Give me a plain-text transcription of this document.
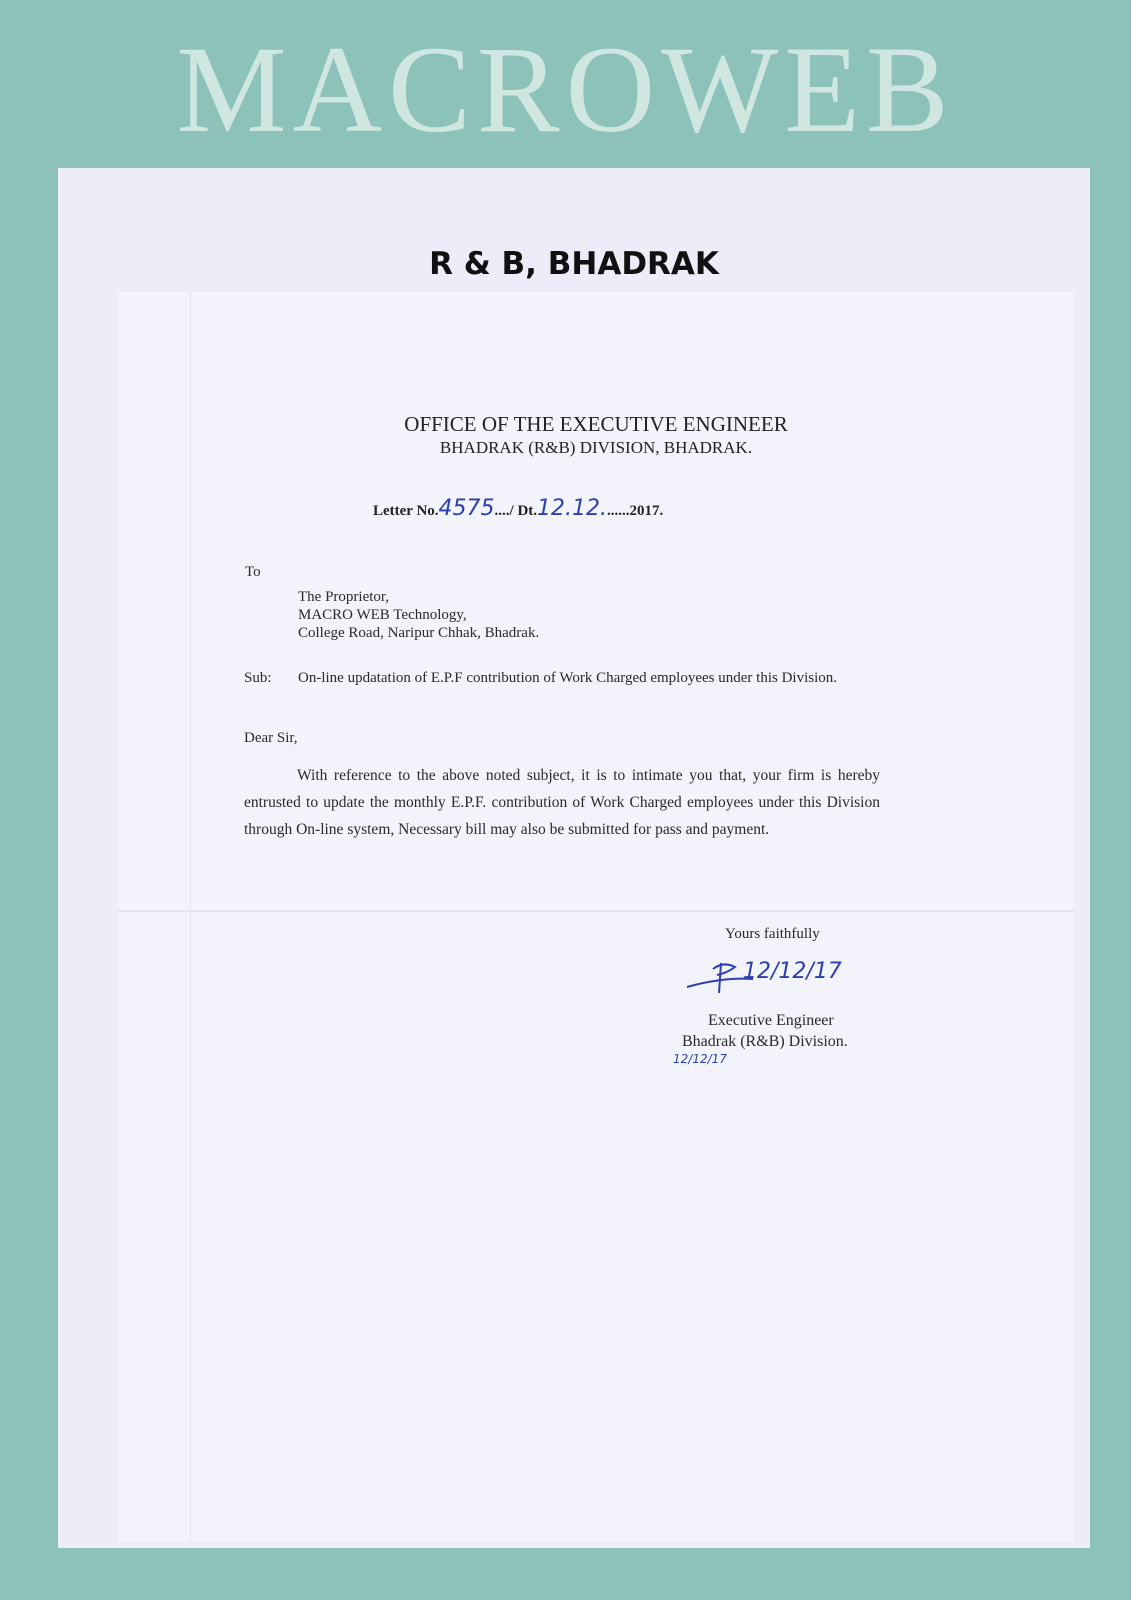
MACROWEB
R & B, BHADRAK
OFFICE OF THE EXECUTIVE ENGINEER
BHADRAK (R&B) DIVISION, BHADRAK.
Letter No.4575..../ Dt.12.12.......2017.
To
The Proprietor,
MACRO WEB Technology,
College Road, Naripur Chhak, Bhadrak.
Sub:	On-line updatation of E.P.F contribution of Work Charged employees under this Division.
Dear Sir,
With reference to the above noted subject, it is to intimate you that, your firm is hereby entrusted to update the monthly E.P.F. contribution of Work Charged employees under this Division through On-line system, Necessary bill may also be submitted for pass and payment.
Yours faithfully
12/12/17
Executive Engineer
Bhadrak (R&B) Division.
12/12/17
